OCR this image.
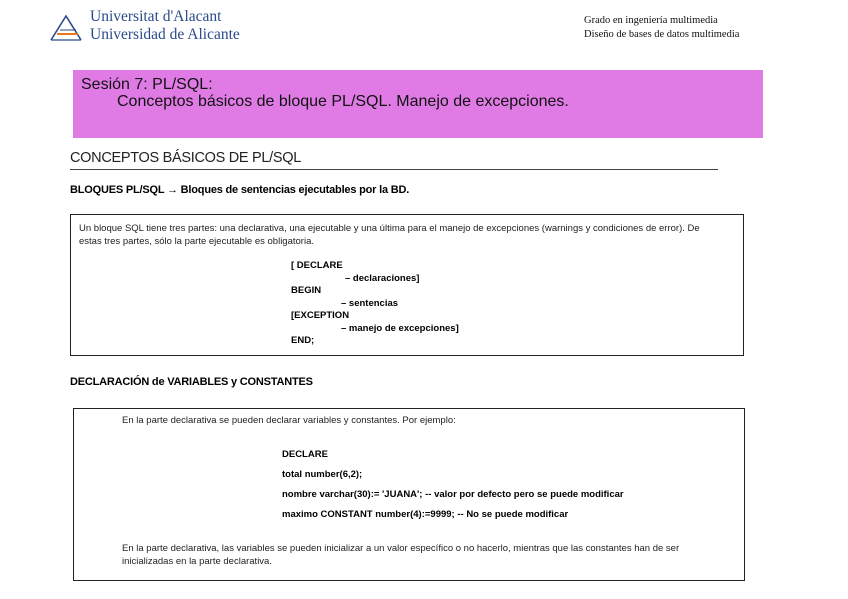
Universitat d'Alacant
Universidad de Alicante
Grado en ingeniería multimedia
Diseño de bases de datos multimedia
Sesión 7: PL/SQL:
Conceptos básicos de bloque PL/SQL. Manejo de excepciones.
CONCEPTOS BÁSICOS DE PL/SQL
BLOQUES PL/SQL → Bloques de sentencias ejecutables por la BD.
Un bloque SQL tiene tres partes: una declarativa, una ejecutable y una última para el manejo de excepciones (warnings y condiciones de error). De estas tres partes, sólo la parte ejecutable es obligatoria.
[ DECLARE
– declaraciones]
BEGIN
– sentencias
[EXCEPTION
– manejo de excepciones]
END;
DECLARACIÓN de VARIABLES y CONSTANTES
En la parte declarativa se pueden declarar variables y constantes. Por ejemplo:
DECLARE
total number(6,2);
nombre varchar(30):= 'JUANA'; -- valor por defecto pero se puede modificar
maximo CONSTANT number(4):=9999; -- No se puede modificar
En la parte declarativa, las variables se pueden inicializar a un valor específico o no hacerlo, mientras que las constantes han de ser inicializadas en la parte declarativa.
